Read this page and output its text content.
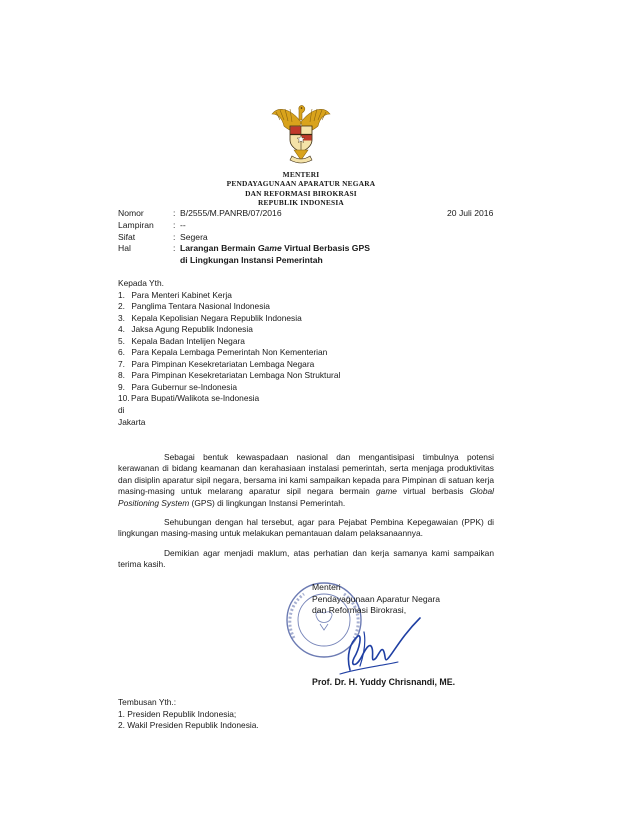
MENTERI
PENDAYAGUNAAN APARATUR NEGARA
DAN REFORMASI BIROKRASI
REPUBLIK INDONESIA
Nomor	: B/2555/M.PANRB/07/2016
Lampiran : --
Sifat	: Segera
Hal	: Larangan Bermain Game Virtual Berbasis GPS
di Lingkungan Instansi Pemerintah
20 Juli 2016
Kepada Yth.
1. Para Menteri Kabinet Kerja
2. Panglima Tentara Nasional Indonesia
3. Kepala Kepolisian Negara Republik Indonesia
4. Jaksa Agung Republik Indonesia
5. Kepala Badan Intelijen Negara
6. Para Kepala Lembaga Pemerintah Non Kementerian
7. Para Pimpinan Kesekretariatan Lembaga Negara
8. Para Pimpinan Kesekretariatan Lembaga Non Struktural
9. Para Gubernur se-Indonesia
10.Para Bupati/Walikota se-Indonesia
di
Jakarta
Sebagai bentuk kewaspadaan nasional dan mengantisipasi timbulnya potensi kerawanan di bidang keamanan dan kerahasiaan instalasi pemerintah, serta menjaga produktivitas dan disiplin aparatur sipil negara, bersama ini kami sampaikan kepada para Pimpinan di satuan kerja masing-masing untuk melarang aparatur sipil negara bermain game virtual berbasis Global Positioning System (GPS) di lingkungan Instansi Pemerintah.
Sehubungan dengan hal tersebut, agar para Pejabat Pembina Kepegawaian (PPK) di lingkungan masing-masing untuk melakukan pemantauan dalam pelaksanaannya.
Demikian agar menjadi maklum, atas perhatian dan kerja samanya kami sampaikan terima kasih.
Menteri
Pendayagunaan Aparatur Negara
dan Reformasi Birokrasi,
Prof. Dr. H. Yuddy Chrisnandi, ME.
Tembusan Yth.:
1. Presiden Republik Indonesia;
2. Wakil Presiden Republik Indonesia.
